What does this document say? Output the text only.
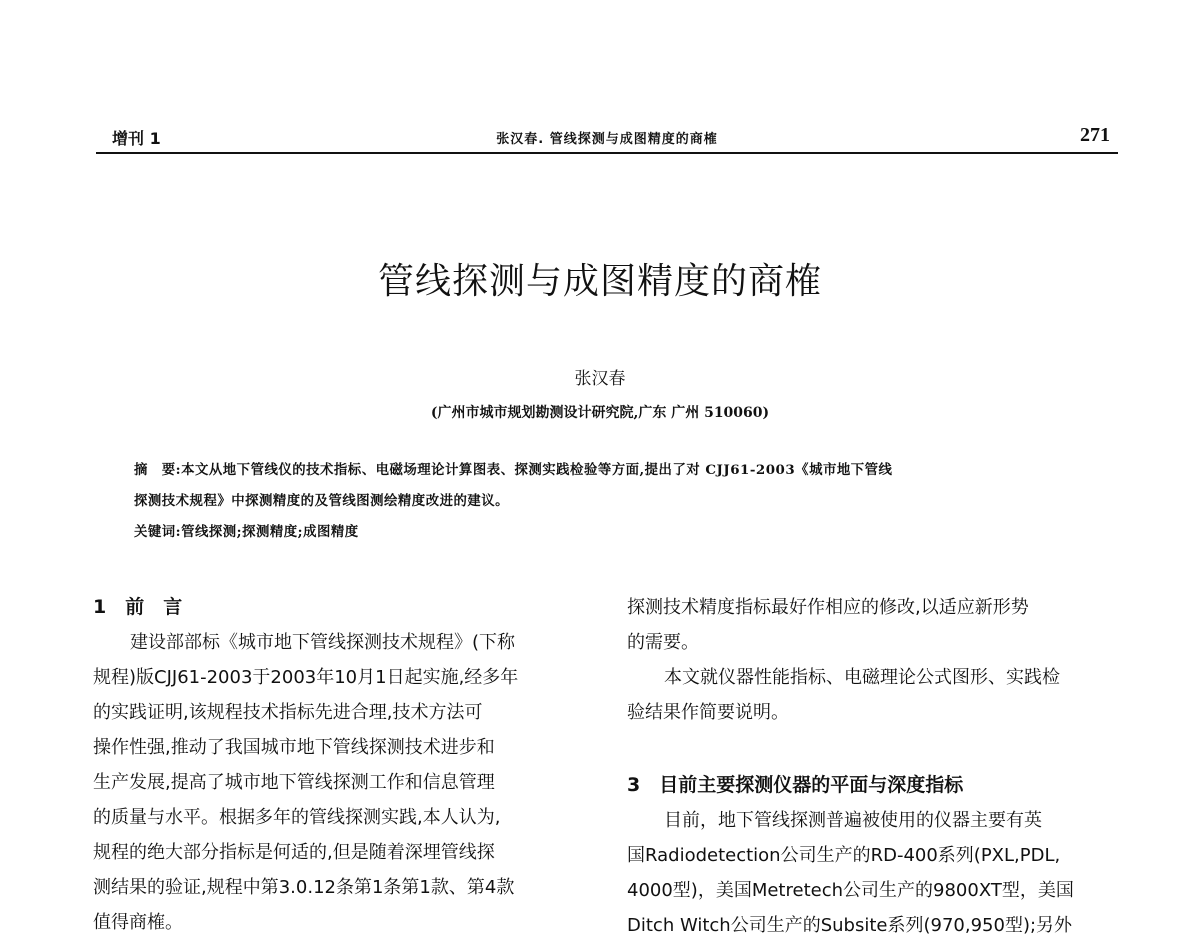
增刊 1	张汉春. 管线探测与成图精度的商榷	271
管线探测与成图精度的商榷
张汉春
(广州市城市规划勘测设计研究院,广东 广州 510060)

摘　要:本文从地下管线仪的技术指标、电磁场理论计算图表、探测实践检验等方面,提出了对 CJJ61-2003《城市地下管线

探测技术规程》中探测精度的及管线图测绘精度改进的建议。

关键词:管线探测;探测精度;成图精度

1　前　言
建设部部标《城市地下管线探测技术规程》(下称
规程)版CJJ61-2003于2003年10月1日起实施,经多年
的实践证明,该规程技术指标先进合理,技术方法可
操作性强,推动了我国城市地下管线探测技术进步和
生产发展,提高了城市地下管线探测工作和信息管理
的质量与水平。根据多年的管线探测实践,本人认为,
规程的绝大部分指标是何适的,但是随着深埋管线探
测结果的验证,规程中第3.0.12条第1条第1款、第4款
值得商榷。
探测技术精度指标最好作相应的修改,以适应新形势
的需要。
本文就仪器性能指标、电磁理论公式图形、实践检
验结果作简要说明。
3　目前主要探测仪器的平面与深度指标
目前，地下管线探测普遍被使用的仪器主要有英
国Radiodetection公司生产的RD-400系列(PXL,PDL,
4000型)，美国Metretech公司生产的9800XT型，美国
Ditch Witch公司生产的Subsite系列(970,950型);另外
